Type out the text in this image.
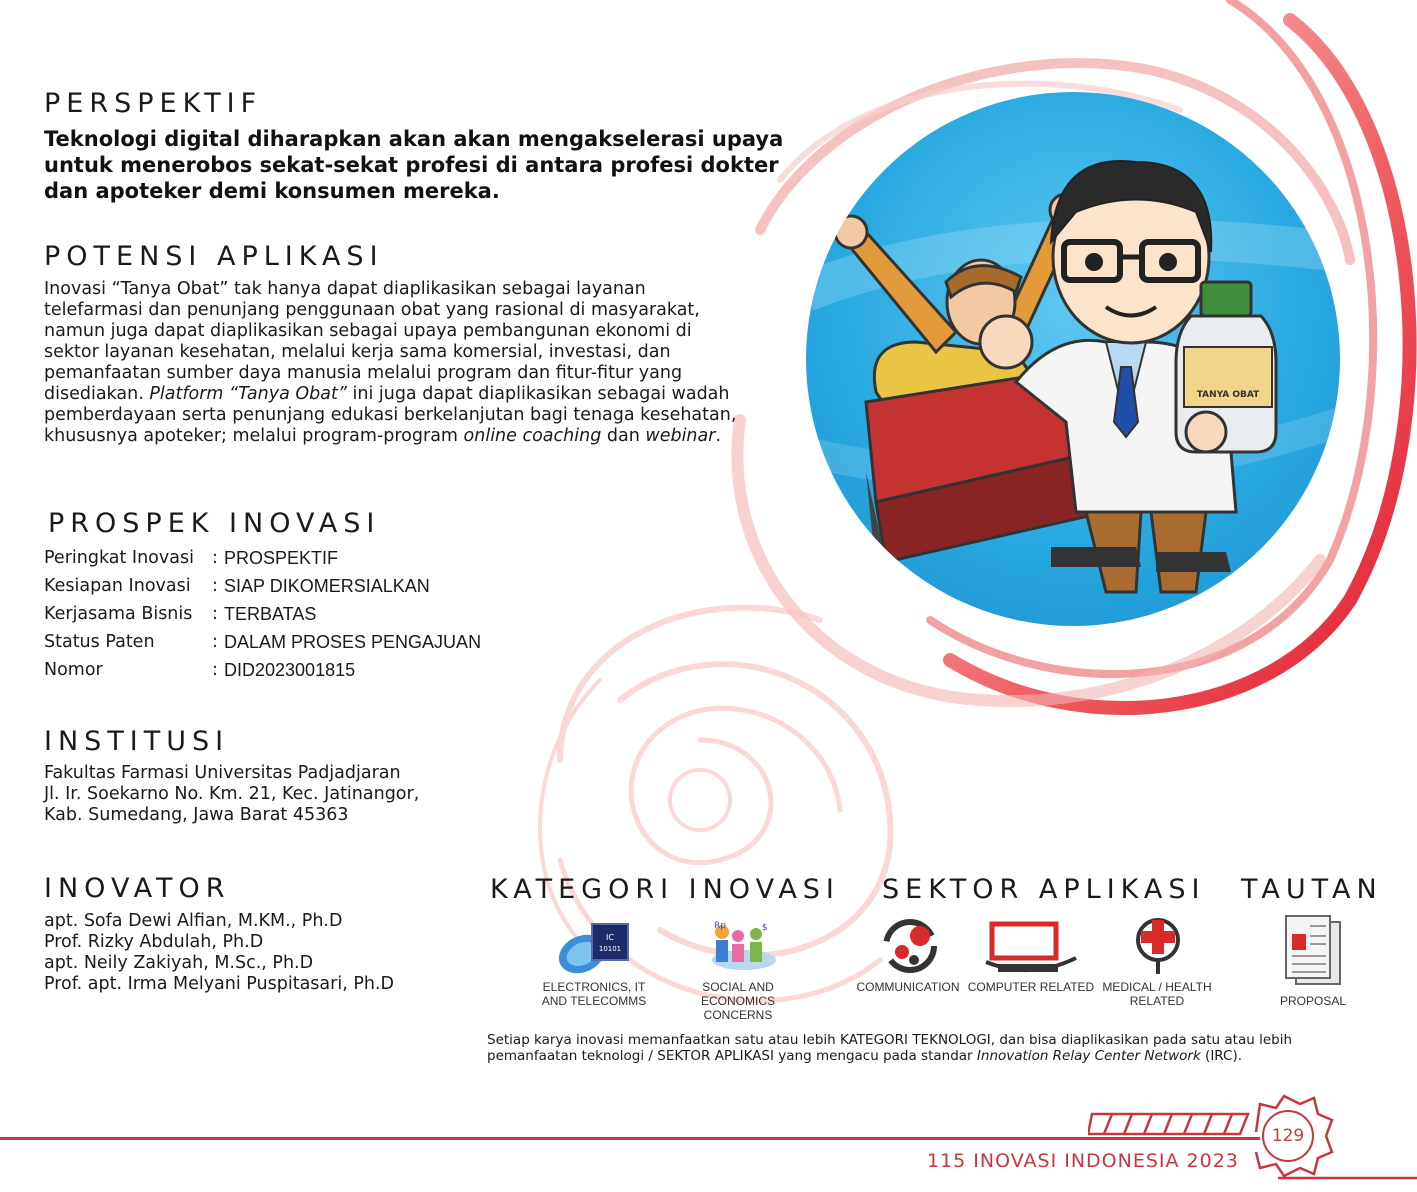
TANYA OBAT
PERSPEKTIF
Teknologi digital diharapkan akan akan mengakselerasi upaya
untuk menerobos sekat-sekat profesi di antara profesi dokter
dan apoteker demi konsumen mereka.
POTENSI APLIKASI
Inovasi “Tanya Obat” tak hanya dapat diaplikasikan sebagai layanan
telefarmasi dan penunjang penggunaan obat yang rasional di masyarakat,
namun juga dapat diaplikasikan sebagai upaya pembangunan ekonomi di
sektor layanan kesehatan, melalui kerja sama komersial, investasi, dan
pemanfaatan sumber daya manusia melalui program dan fitur-fitur yang
disediakan. Platform “Tanya Obat” ini juga dapat diaplikasikan sebagai wadah
pemberdayaan serta penunjang edukasi berkelanjutan bagi tenaga kesehatan,
khususnya apoteker; melalui program-program online coaching dan webinar.
PROSPEK INOVASI
Peringkat Inovasi	: PROSPEKTIF
Kesiapan Inovasi	: SIAP DIKOMERSIALKAN
Kerjasama Bisnis	: TERBATAS
Status Paten	: DALAM PROSES PENGAJUAN
Nomor	: DID2023001815
INSTITUSI
Fakultas Farmasi Universitas Padjadjaran
Jl. Ir. Soekarno No. Km. 21, Kec. Jatinangor,
Kab. Sumedang, Jawa Barat 45363
INOVATOR
apt. Sofa Dewi Alfian, M.KM., Ph.D
Prof. Rizky Abdulah, Ph.D
apt. Neily Zakiyah, M.Sc., Ph.D
Prof. apt. Irma Melyani Puspitasari, Ph.D
KATEGORI INOVASI SEKTOR APLIKASI TAUTAN
IC
10101
ELECTRONICS, IT
AND TELECOMMS
Rp	$
SOCIAL AND
ECONOMICS
CONCERNS
COMMUNICATION COMPUTER RELATED MEDICAL / HEALTH
RELATED	PROPOSAL
Setiap karya inovasi memanfaatkan satu atau lebih KATEGORI TEKNOLOGI, dan bisa diaplikasikan pada satu atau lebih
pemanfaatan teknologi / SEKTOR APLIKASI yang mengacu pada standar Innovation Relay Center Network (IRC).
129
115 INOVASI INDONESIA 2023
